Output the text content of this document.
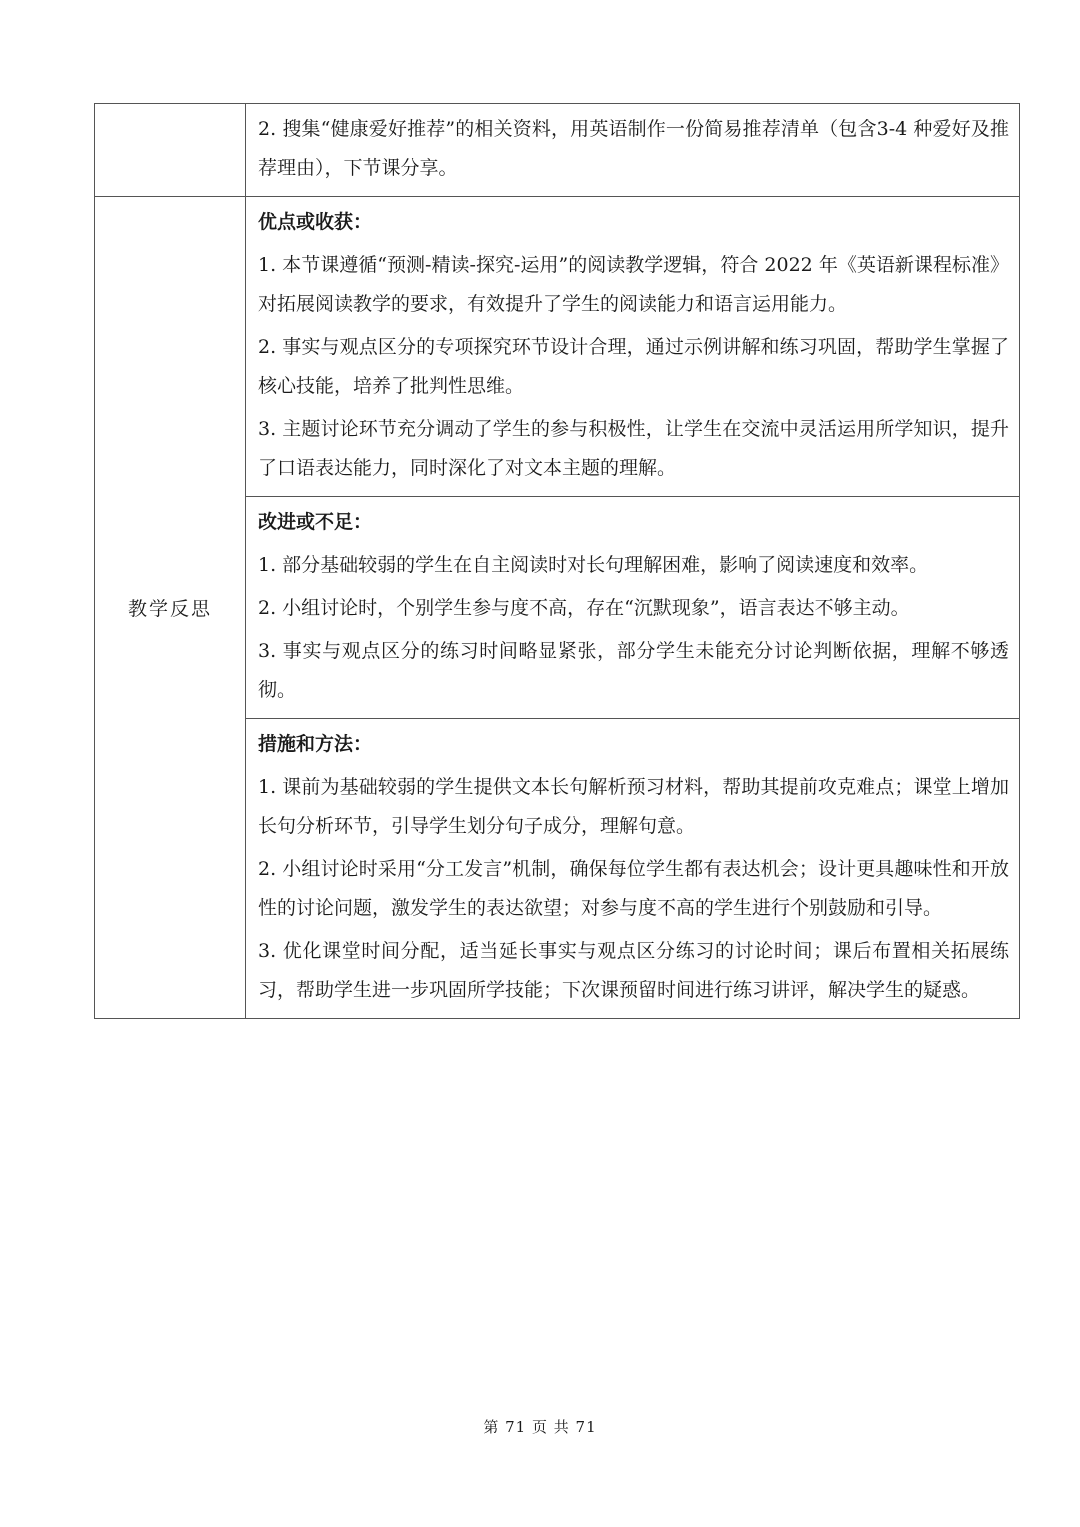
	2. 搜集“健康爱好推荐”的相关资料，用英语制作一份简易推荐清单（包含3-4 种爱好及推荐理由），下节课分享。

教学反思	优点或收获：

1. 本节课遵循“预测-精读-探究-运用”的阅读教学逻辑，符合 2022 年《英语新课程标准》对拓展阅读教学的要求，有效提升了学生的阅读能力和语言运用能力。

2. 事实与观点区分的专项探究环节设计合理，通过示例讲解和练习巩固，帮助学生掌握了核心技能，培养了批判性思维。

3. 主题讨论环节充分调动了学生的参与积极性，让学生在交流中灵活运用所学知识，提升了口语表达能力，同时深化了对文本主题的理解。

	改进或不足：

1. 部分基础较弱的学生在自主阅读时对长句理解困难，影响了阅读速度和效率。

2. 小组讨论时，个别学生参与度不高，存在“沉默现象”，语言表达不够主动。

3. 事实与观点区分的练习时间略显紧张，部分学生未能充分讨论判断依据，理解不够透彻。

	措施和方法：

1. 课前为基础较弱的学生提供文本长句解析预习材料，帮助其提前攻克难点；课堂上增加长句分析环节，引导学生划分句子成分，理解句意。

2. 小组讨论时采用“分工发言”机制，确保每位学生都有表达机会；设计更具趣味性和开放性的讨论问题，激发学生的表达欲望；对参与度不高的学生进行个别鼓励和引导。

3. 优化课堂时间分配，适当延长事实与观点区分练习的讨论时间；课后布置相关拓展练习，帮助学生进一步巩固所学技能；下次课预留时间进行练习讲评，解决学生的疑惑。

第 71 页 共 71
